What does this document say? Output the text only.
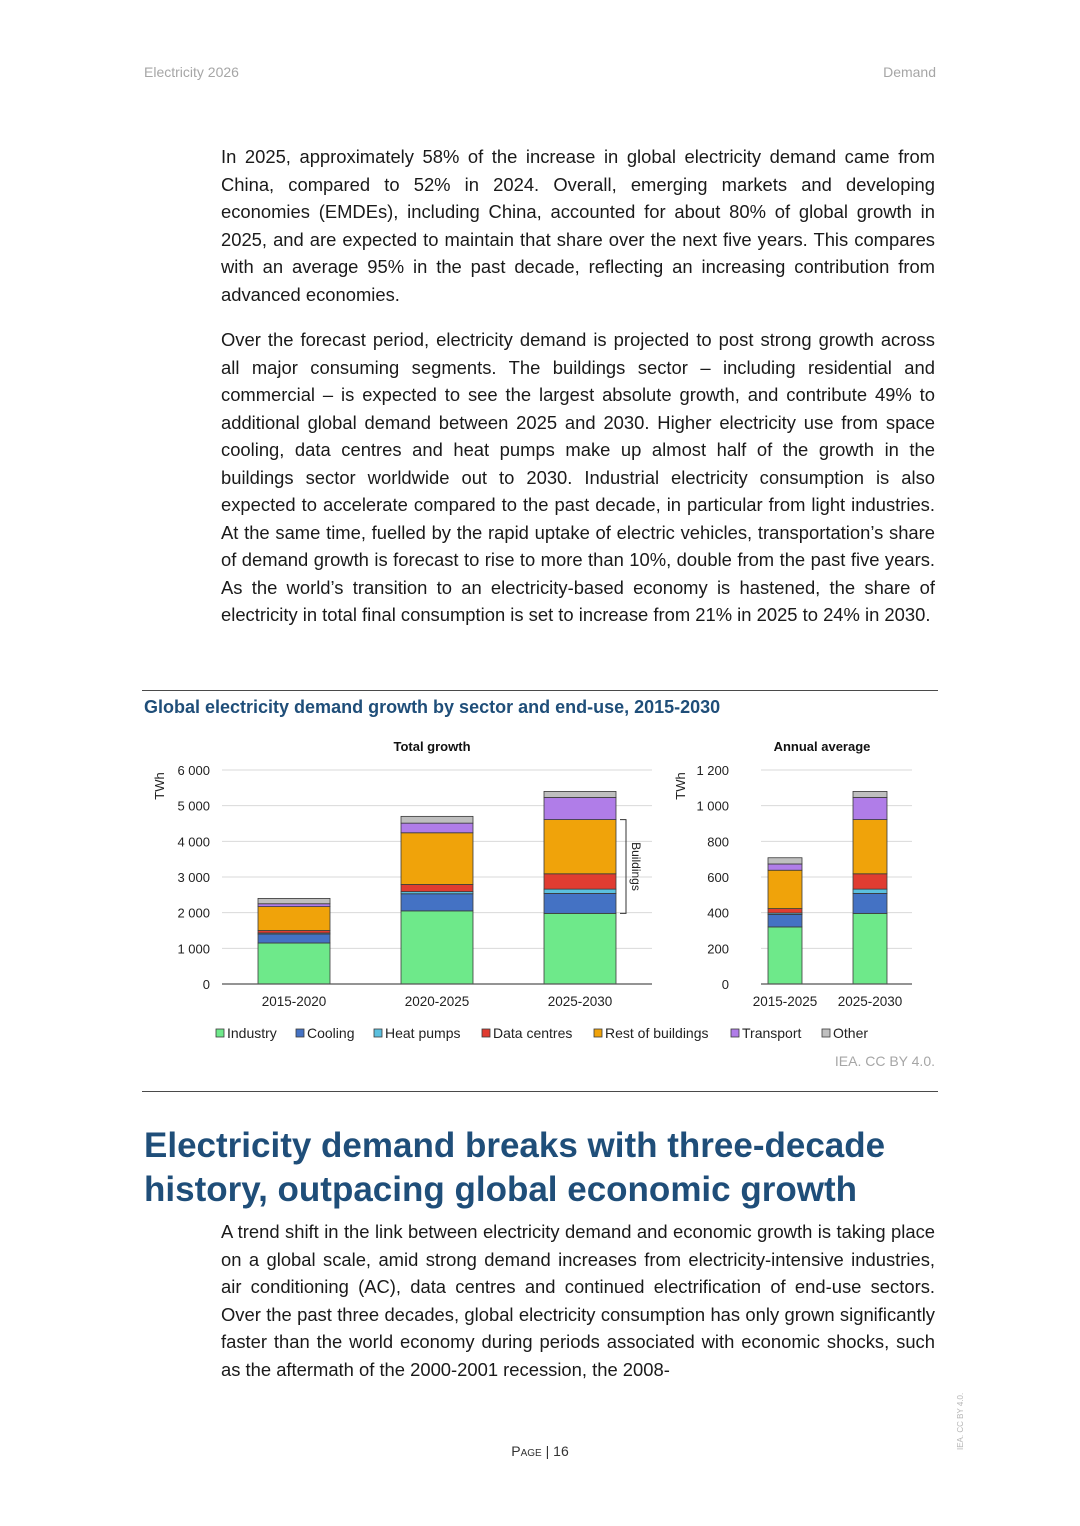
Electricity 2026	Demand

In 2025, approximately 58% of the increase in global electricity demand came from China, compared to 52% in 2024. Overall, emerging markets and developing economies (EMDEs), including China, accounted for about 80% of global growth in 2025, and are expected to maintain that share over the next five years. This compares with an average 95% in the past decade, reflecting an increasing contribution from advanced economies.

Over the forecast period, electricity demand is projected to post strong growth across all major consuming segments. The buildings sector – including residential and commercial – is expected to see the largest absolute growth, and contribute 49% to additional global demand between 2025 and 2030. Higher electricity use from space cooling, data centres and heat pumps make up almost half of the growth in the buildings sector worldwide out to 2030. Industrial electricity consumption is also expected to accelerate compared to the past decade, in particular from light industries. At the same time, fuelled by the rapid uptake of electric vehicles, transportation’s share of demand growth is forecast to rise to more than 10%, double from the past five years. As the world’s transition to an electricity-based economy is hastened, the share of electricity in total final consumption is set to increase from 21% in 2025 to 24% in 2030.

Global electricity demand growth by sector and end-use, 2015-2030
Total growth
TWh
0
1 000
2 000
3 000
4 000
5 000
6 000
2015-2020	2020-2025	2025-2030
Annual average
TWh
0
200
400
600
800
1 000
1 200
2015-2025 2025-2030
Buildings
Industry Cooling Heat pumps Data centres Rest of buildings Transport Other
IEA. CC BY 4.0.
Electricity demand breaks with three-decade
history, outpacing global economic growth

A trend shift in the link between electricity demand and economic growth is taking place on a global scale, amid strong demand increases from electricity-intensive industries, air conditioning (AC), data centres and continued electrification of end-use sectors. Over the past three decades, global electricity consumption has only grown significantly faster than the world economy during periods associated with economic shocks, such as the aftermath of the 2000-2001 recession, the 2008-

Page | 16
IEA. CC BY 4.0.
